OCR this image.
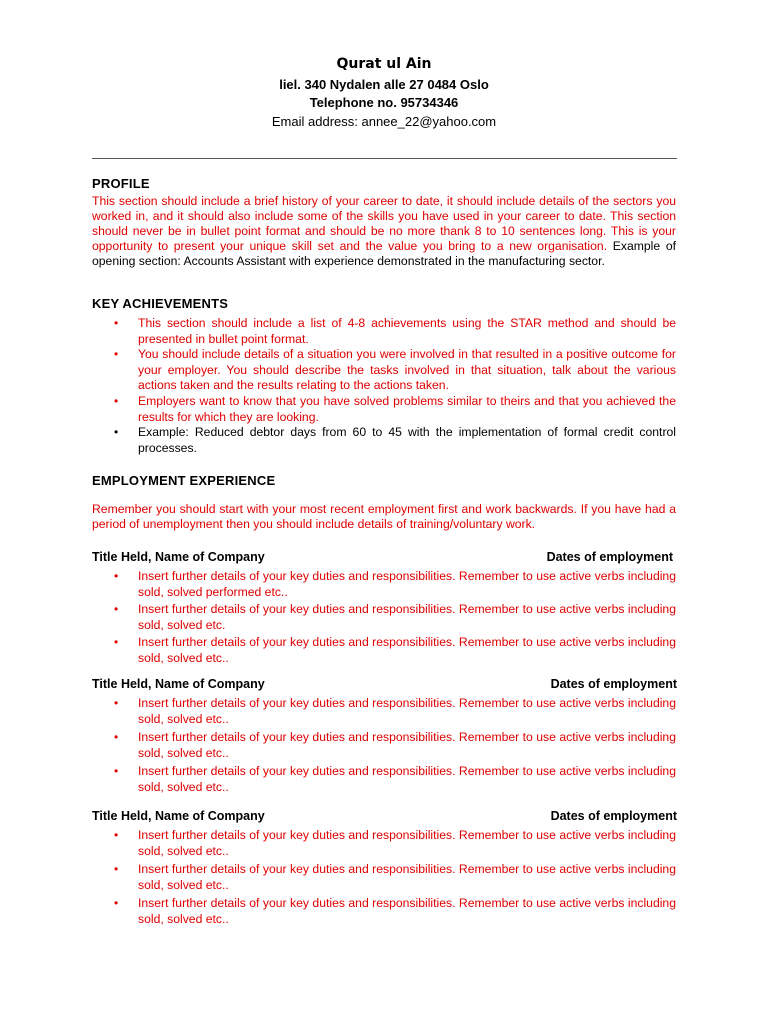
Qurat ul Ain
liel. 340 Nydalen alle 27 0484 Oslo
Telephone no. 95734346
Email address: annee_22@yahoo.com
PROFILE
This section should include a brief history of your career to date, it should include details of the sectors you worked in, and it should also include some of the skills you have used in your career to date. This section should never be in bullet point format and should be no more thank 8 to 10 sentences long. This is your opportunity to present your unique skill set and the value you bring to a new organisation. Example of opening section: Accounts Assistant with experience demonstrated in the manufacturing sector.
KEY ACHIEVEMENTS
• This section should include a list of 4-8 achievements using the STAR method and should be presented in bullet point format.
• You should include details of a situation you were involved in that resulted in a positive outcome for your employer. You should describe the tasks involved in that situation, talk about the various actions taken and the results relating to the actions taken.
• Employers want to know that you have solved problems similar to theirs and that you achieved the results for which they are looking.
• Example: Reduced debtor days from 60 to 45 with the implementation of formal credit control processes.
EMPLOYMENT EXPERIENCE
Remember you should start with your most recent employment first and work backwards. If you have had a period of unemployment then you should include details of training/voluntary work.
Title Held, Name of Company	Dates of employment
• Insert further details of your key duties and responsibilities. Remember to use active verbs including sold, solved performed etc..
• Insert further details of your key duties and responsibilities. Remember to use active verbs including sold, solved etc.
• Insert further details of your key duties and responsibilities. Remember to use active verbs including sold, solved etc..
Title Held, Name of Company	Dates of employment
• Insert further details of your key duties and responsibilities. Remember to use active verbs including sold, solved etc..
• Insert further details of your key duties and responsibilities. Remember to use active verbs including sold, solved etc..
• Insert further details of your key duties and responsibilities. Remember to use active verbs including sold, solved etc..
Title Held, Name of Company	Dates of employment
• Insert further details of your key duties and responsibilities. Remember to use active verbs including sold, solved etc..
• Insert further details of your key duties and responsibilities. Remember to use active verbs including sold, solved etc..
• Insert further details of your key duties and responsibilities. Remember to use active verbs including sold, solved etc..
